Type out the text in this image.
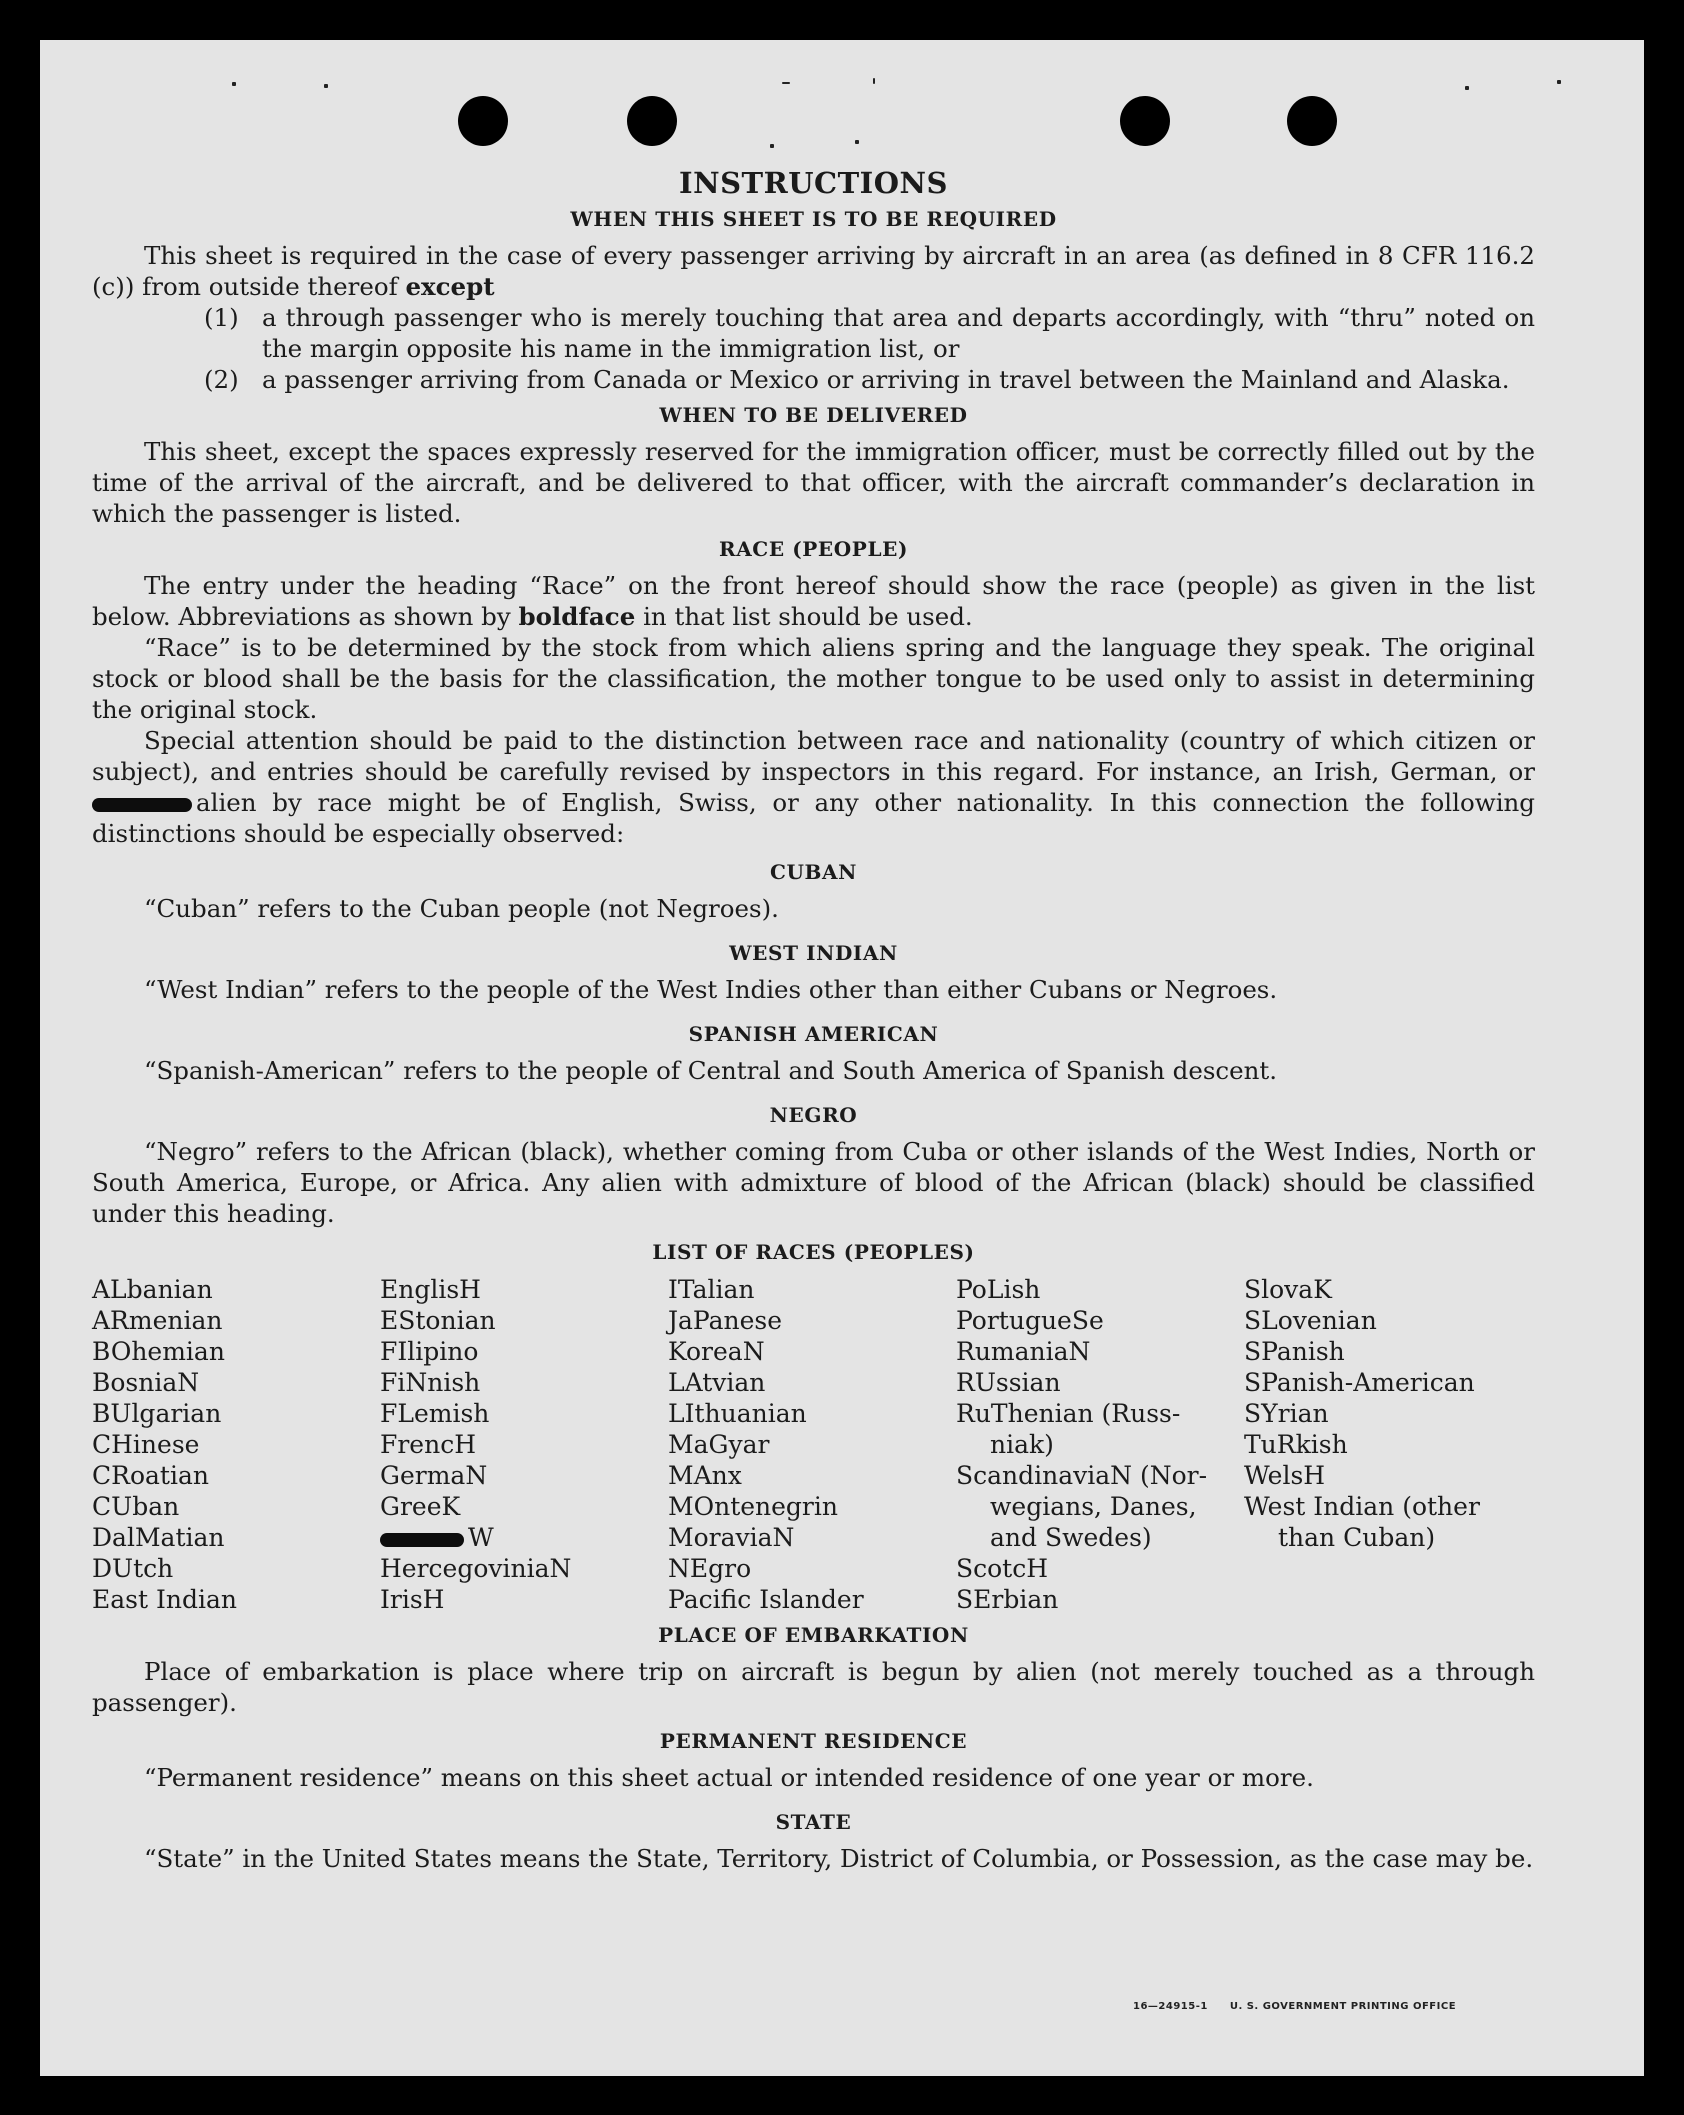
INSTRUCTIONS
WHEN THIS SHEET IS TO BE REQUIRED

This sheet is required in the case of every passenger arriving by aircraft in an area (as defined in 8 CFR 116.2 (c)) from outside thereof except

(1) a through passenger who is merely touching that area and departs accordingly, with “thru” noted on the margin opposite his name in the immigration list, or
(2) a passenger arriving from Canada or Mexico or arriving in travel between the Mainland and Alaska.
WHEN TO BE DELIVERED

This sheet, except the spaces expressly reserved for the immigration officer, must be correctly filled out by the time of the arrival of the aircraft, and be delivered to that officer, with the aircraft commander’s declaration in which the passenger is listed.

RACE (PEOPLE)

The entry under the heading “Race” on the front hereof should show the race (people) as given in the list below. Abbreviations as shown by boldface in that list should be used.

“Race” is to be determined by the stock from which aliens spring and the language they speak. The original stock or blood shall be the basis for the classification, the mother tongue to be used only to assist in determining the original stock.

Special attention should be paid to the distinction between race and nationality (country of which citizen or subject), and entries should be carefully revised by inspectors in this regard. For instance, an Irish, German, or alien by race might be of English, Swiss, or any other nationality. In this connection the following distinctions should be especially observed:

CUBAN

“Cuban” refers to the Cuban people (not Negroes).

WEST INDIAN

“West Indian” refers to the people of the West Indies other than either Cubans or Negroes.

SPANISH AMERICAN

“Spanish-American” refers to the people of Central and South America of Spanish descent.

NEGRO

“Negro” refers to the African (black), whether coming from Cuba or other islands of the West Indies, North or South America, Europe, or Africa. Any alien with admixture of blood of the African (black) should be classified under this heading.

LIST OF RACES (PEOPLES)
ALbanian
ARmenian
BOhemian
BosniaN
BUlgarian
CHinese
CRoatian
CUban
DalMatian
DUtch
East Indian
EnglisH
EStonian
FIlipino
FiNnish
FLemish
FrencH
GermaN
GreeK
W
HercegoviniaN
IrisH
ITalian
JaPanese
KoreaN
LAtvian
LIthuanian
MaGyar
MAnx
MOntenegrin
MoraviaN
NEgro
Pacific Islander
PoLish
PortugueSe
RumaniaN
RUssian
RuThenian (Russ-
niak)
ScandinaviaN (Nor-
wegians, Danes,
and Swedes)
ScotcH
SErbian
SlovaK
SLovenian
SPanish
SPanish-American
SYrian
TuRkish
WelsH
West Indian (other
than Cuban)
PLACE OF EMBARKATION

Place of embarkation is place where trip on aircraft is begun by alien (not merely touched as a through passenger).

PERMANENT RESIDENCE

“Permanent residence” means on this sheet actual or intended residence of one year or more.

STATE

“State” in the United States means the State, Territory, District of Columbia, or Possession, as the case may be.

16—24915-1 U. S. GOVERNMENT PRINTING OFFICE
